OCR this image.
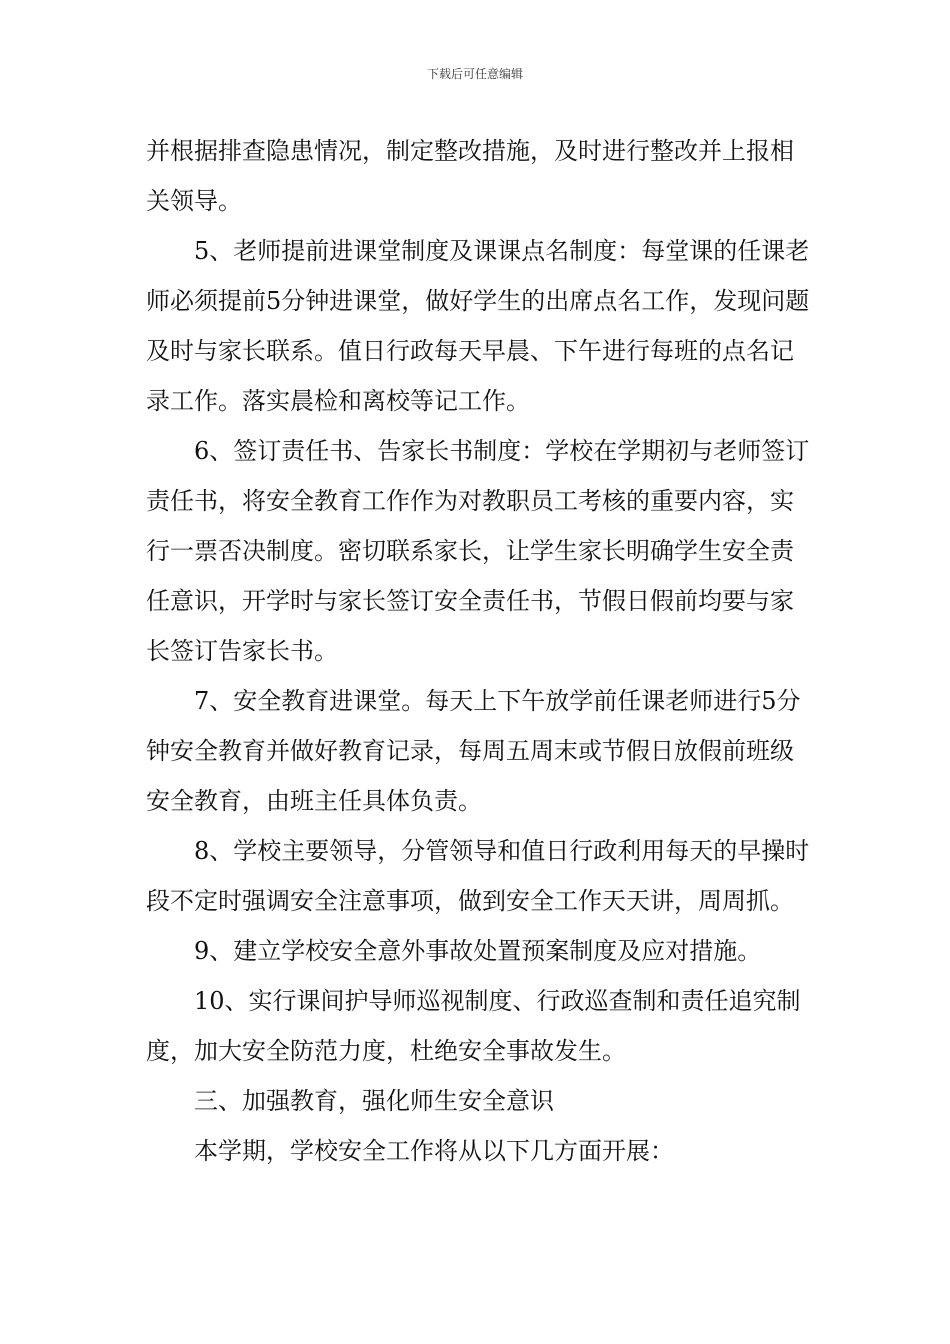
下载后可任意编辑

并根据排查隐患情况，制定整改措施，及时进行整改并上报相关领导。

5、老师提前进课堂制度及课课点名制度：每堂课的任课老师必须提前5分钟进课堂，做好学生的出席点名工作，发现问题及时与家长联系。值日行政每天早晨、下午进行每班的点名记录工作。落实晨检和离校等记工作。

6、签订责任书、告家长书制度：学校在学期初与老师签订责任书，将安全教育工作作为对教职员工考核的重要内容，实行一票否决制度。密切联系家长，让学生家长明确学生安全责任意识，开学时与家长签订安全责任书，节假日假前均要与家长签订告家长书。

7、安全教育进课堂。每天上下午放学前任课老师进行5分钟安全教育并做好教育记录，每周五周末或节假日放假前班级安全教育，由班主任具体负责。

8、学校主要领导，分管领导和值日行政利用每天的早操时段不定时强调安全注意事项，做到安全工作天天讲，周周抓。

9、建立学校安全意外事故处置预案制度及应对措施。

10、实行课间护导师巡视制度、行政巡查制和责任追究制度，加大安全防范力度，杜绝安全事故发生。

三、加强教育，强化师生安全意识

本学期，学校安全工作将从以下几方面开展：
